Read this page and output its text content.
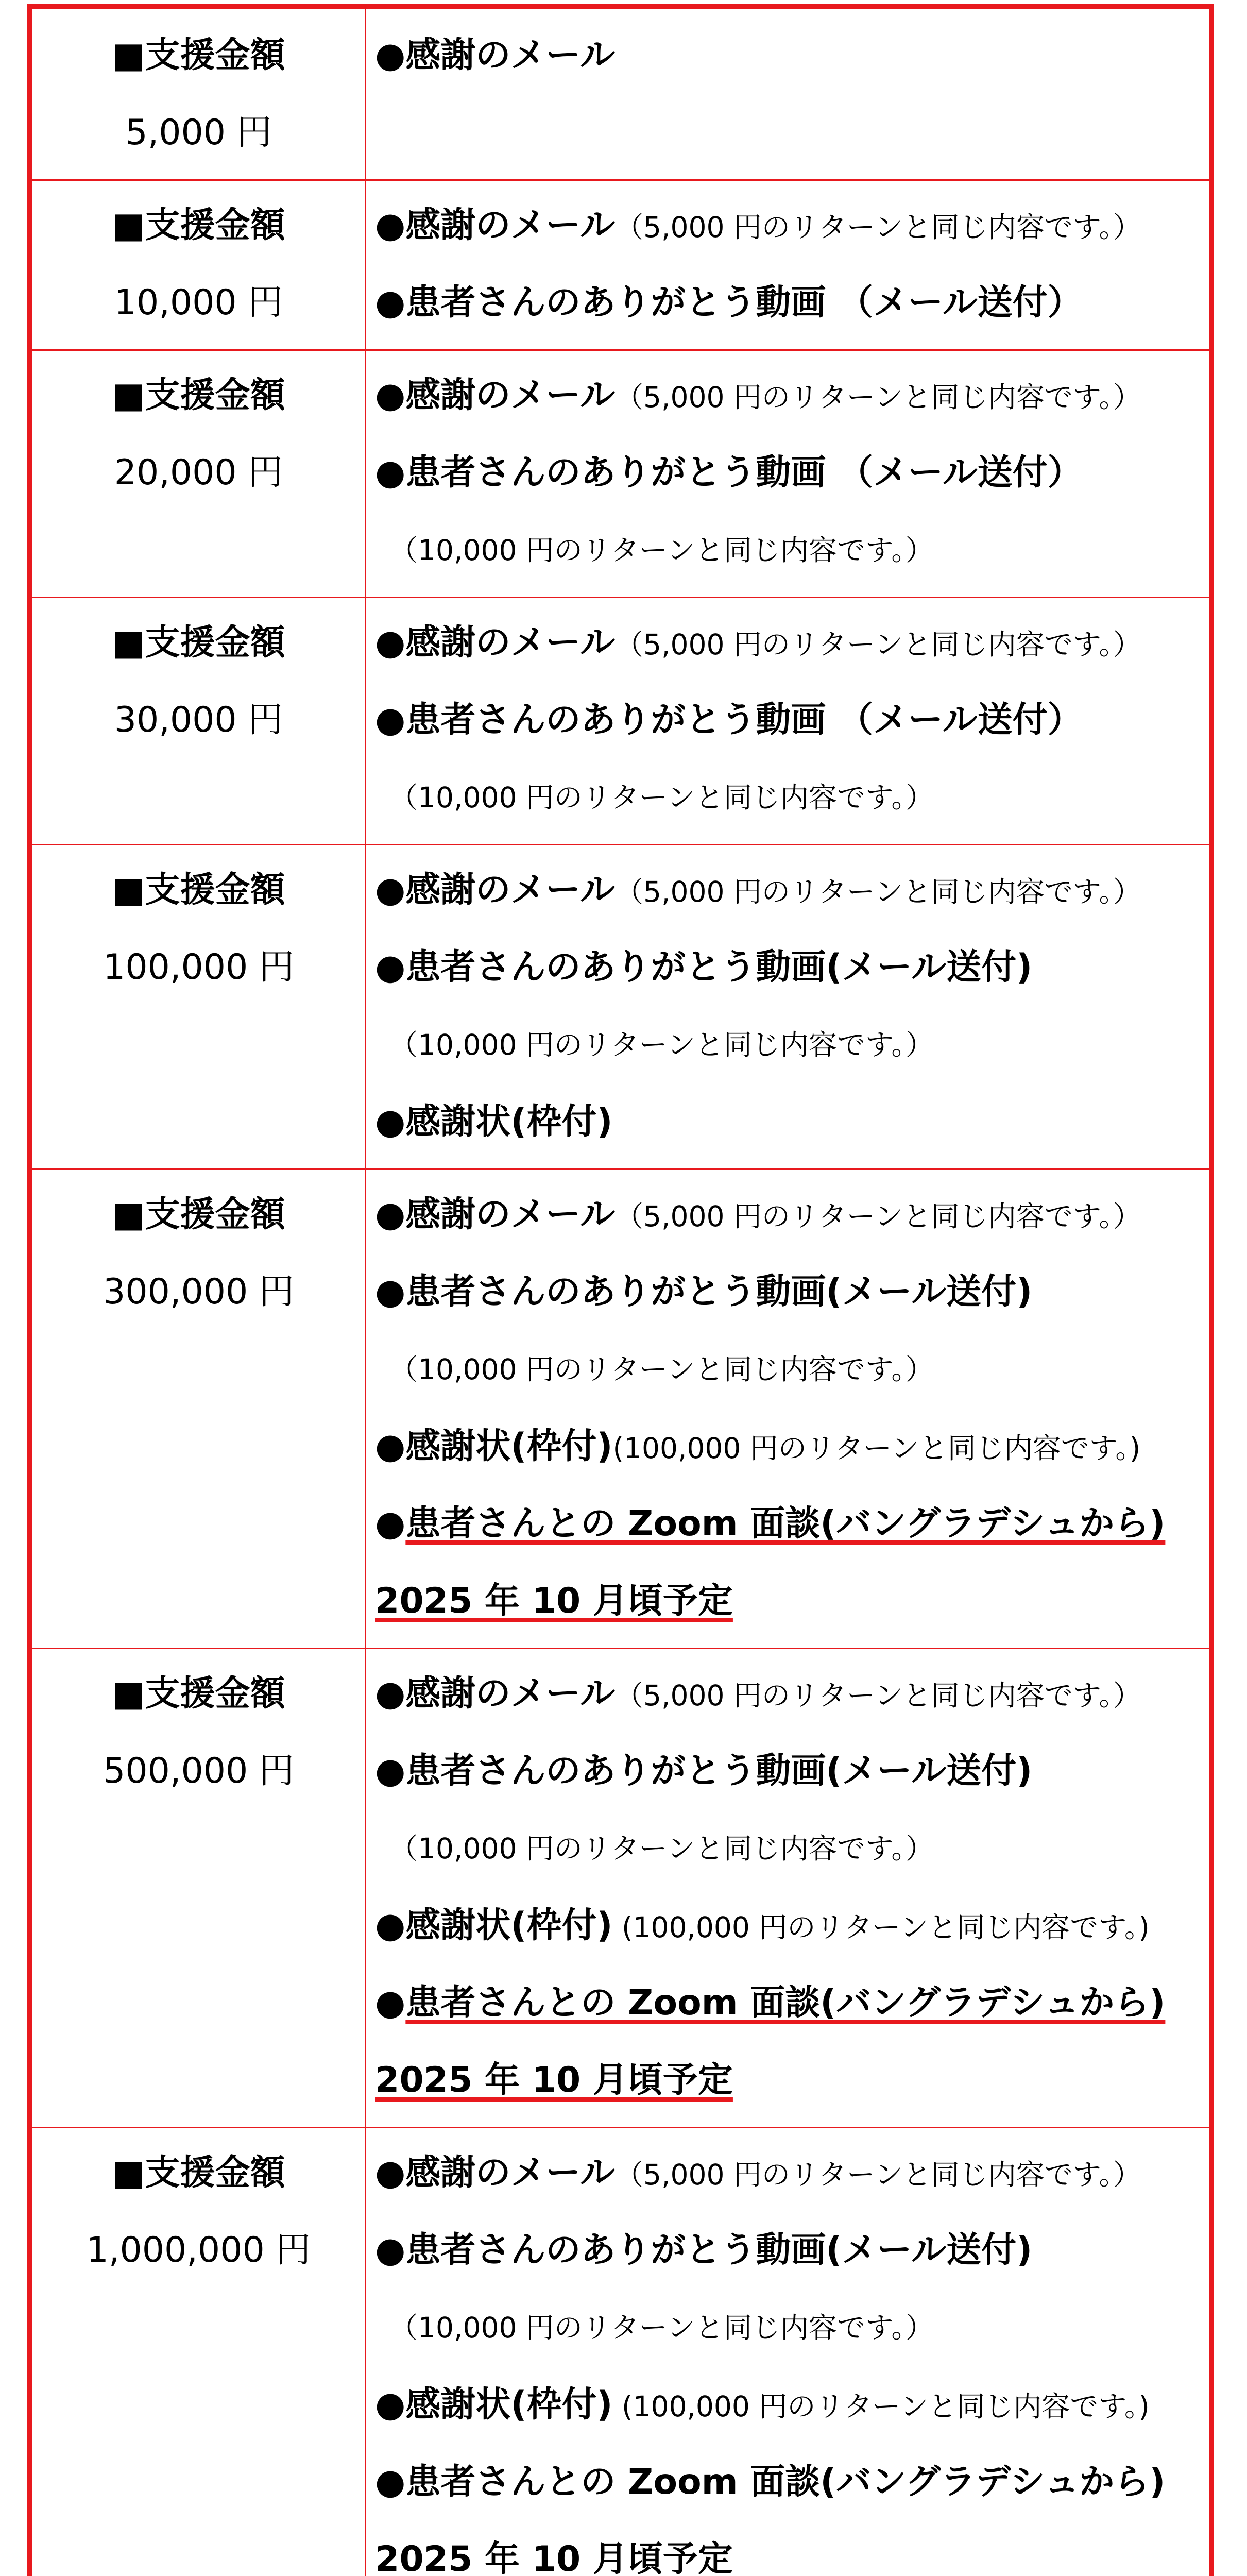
■支援金額
5,000 円
●感謝のメール
■支援金額
10,000 円
●感謝のメール（5,000 円のリターンと同じ内容です。）
●患者さんのありがとう動画 （メール送付）
■支援金額
20,000 円
●感謝のメール（5,000 円のリターンと同じ内容です。）
●患者さんのありがとう動画 （メール送付）
（10,000 円のリターンと同じ内容です。）
■支援金額
30,000 円
●感謝のメール（5,000 円のリターンと同じ内容です。）
●患者さんのありがとう動画 （メール送付）
（10,000 円のリターンと同じ内容です。）
■支援金額
100,000 円
●感謝のメール（5,000 円のリターンと同じ内容です。）
●患者さんのありがとう動画(メール送付)
（10,000 円のリターンと同じ内容です。）
●感謝状(枠付)
■支援金額
300,000 円
●感謝のメール（5,000 円のリターンと同じ内容です。）
●患者さんのありがとう動画(メール送付)
（10,000 円のリターンと同じ内容です。）
●感謝状(枠付)(100,000 円のリターンと同じ内容です。)
●患者さんとの Zoom 面談(バングラデシュから)
2025 年 10 月頃予定
■支援金額
500,000 円
●感謝のメール（5,000 円のリターンと同じ内容です。）
●患者さんのありがとう動画(メール送付)
（10,000 円のリターンと同じ内容です。）
●感謝状(枠付) (100,000 円のリターンと同じ内容です。)
●患者さんとの Zoom 面談(バングラデシュから)
2025 年 10 月頃予定
■支援金額
1,000,000 円
●感謝のメール（5,000 円のリターンと同じ内容です。）
●患者さんのありがとう動画(メール送付)
（10,000 円のリターンと同じ内容です。）
●感謝状(枠付) (100,000 円のリターンと同じ内容です。)
●患者さんとの Zoom 面談(バングラデシュから)
2025 年 10 月頃予定
